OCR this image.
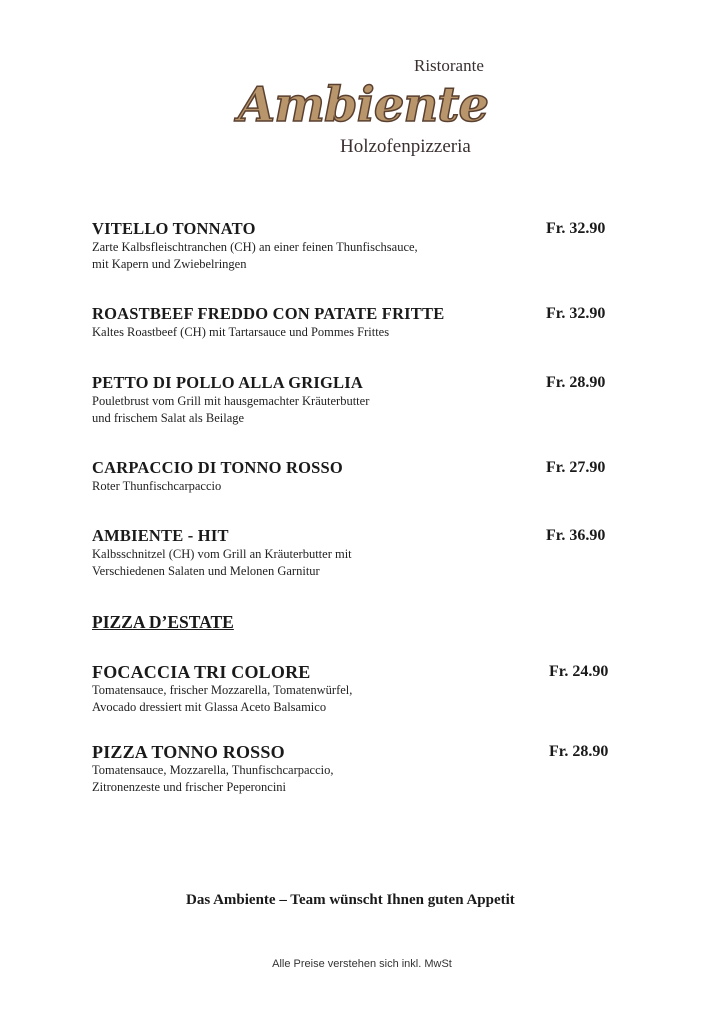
Ristorante
Ambiente
Holzofenpizzeria
VITELLO TONNATO
Zarte Kalbsfleischtranchen (CH) an einer feinen Thunfischsauce,
mit Kapern und Zwiebelringen
Fr. 32.90
ROASTBEEF FREDDO CON PATATE FRITTE
Kaltes Roastbeef (CH) mit Tartarsauce und Pommes Frittes
Fr. 32.90
PETTO DI POLLO ALLA GRIGLIA
Pouletbrust vom Grill mit hausgemachter Kräuterbutter
und frischem Salat als Beilage
Fr. 28.90
CARPACCIO DI TONNO ROSSO
Roter Thunfischcarpaccio
Fr. 27.90
AMBIENTE - HIT
Kalbsschnitzel (CH) vom Grill an Kräuterbutter mit
Verschiedenen Salaten und Melonen Garnitur
Fr. 36.90
PIZZA D’ESTATE
FOCACCIA TRI COLORE
Tomatensauce, frischer Mozzarella, Tomatenwürfel,
Avocado dressiert mit Glassa Aceto Balsamico
Fr. 24.90
PIZZA TONNO ROSSO
Tomatensauce, Mozzarella, Thunfischcarpaccio,
Zitronenzeste und frischer Peperoncini
Fr. 28.90
Das Ambiente – Team wünscht Ihnen guten Appetit
Alle Preise verstehen sich inkl. MwSt
